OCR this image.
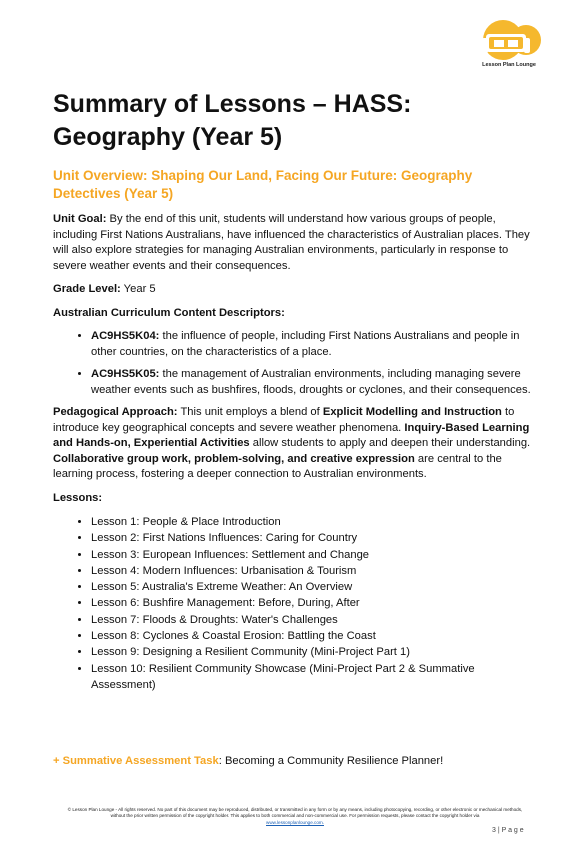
Lesson Plan Lounge
Summary of Lessons – HASS: Geography (Year 5)
Unit Overview: Shaping Our Land, Facing Our Future: Geography Detectives (Year 5)

Unit Goal: By the end of this unit, students will understand how various groups of people, including First Nations Australians, have influenced the characteristics of Australian places. They will also explore strategies for managing Australian environments, particularly in response to severe weather events and their consequences.

Grade Level: Year 5

Australian Curriculum Content Descriptors:

• AC9HS5K04: the influence of people, including First Nations Australians and people in other countries, on the characteristics of a place.
• AC9HS5K05: the management of Australian environments, including managing severe weather events such as bushfires, floods, droughts or cyclones, and their consequences.

Pedagogical Approach: This unit employs a blend of Explicit Modelling and Instruction to introduce key geographical concepts and severe weather phenomena. Inquiry-Based Learning and Hands-on, Experiential Activities allow students to apply and deepen their understanding. Collaborative group work, problem-solving, and creative expression are central to the learning process, fostering a deeper connection to Australian environments.

Lessons:

• Lesson 1: People & Place Introduction
• Lesson 2: First Nations Influences: Caring for Country
• Lesson 3: European Influences: Settlement and Change
• Lesson 4: Modern Influences: Urbanisation & Tourism
• Lesson 5: Australia's Extreme Weather: An Overview
• Lesson 6: Bushfire Management: Before, During, After
• Lesson 7: Floods & Droughts: Water's Challenges
• Lesson 8: Cyclones & Coastal Erosion: Battling the Coast
• Lesson 9: Designing a Resilient Community (Mini-Project Part 1)
• Lesson 10: Resilient Community Showcase (Mini-Project Part 2 & Summative Assessment)
+ Summative Assessment Task: Becoming a Community Resilience Planner!
© Lesson Plan Lounge - All rights reserved. No part of this document may be reproduced, distributed, or transmitted in any form or by any means, including photocopying, recording, or other electronic or mechanical methods, without the prior written permission of the copyright holder. This applies to both commercial and non-commercial use. For permission requests, please contact the copyright holder via
www.lessonplanlounge.com.
3 | P a g e
